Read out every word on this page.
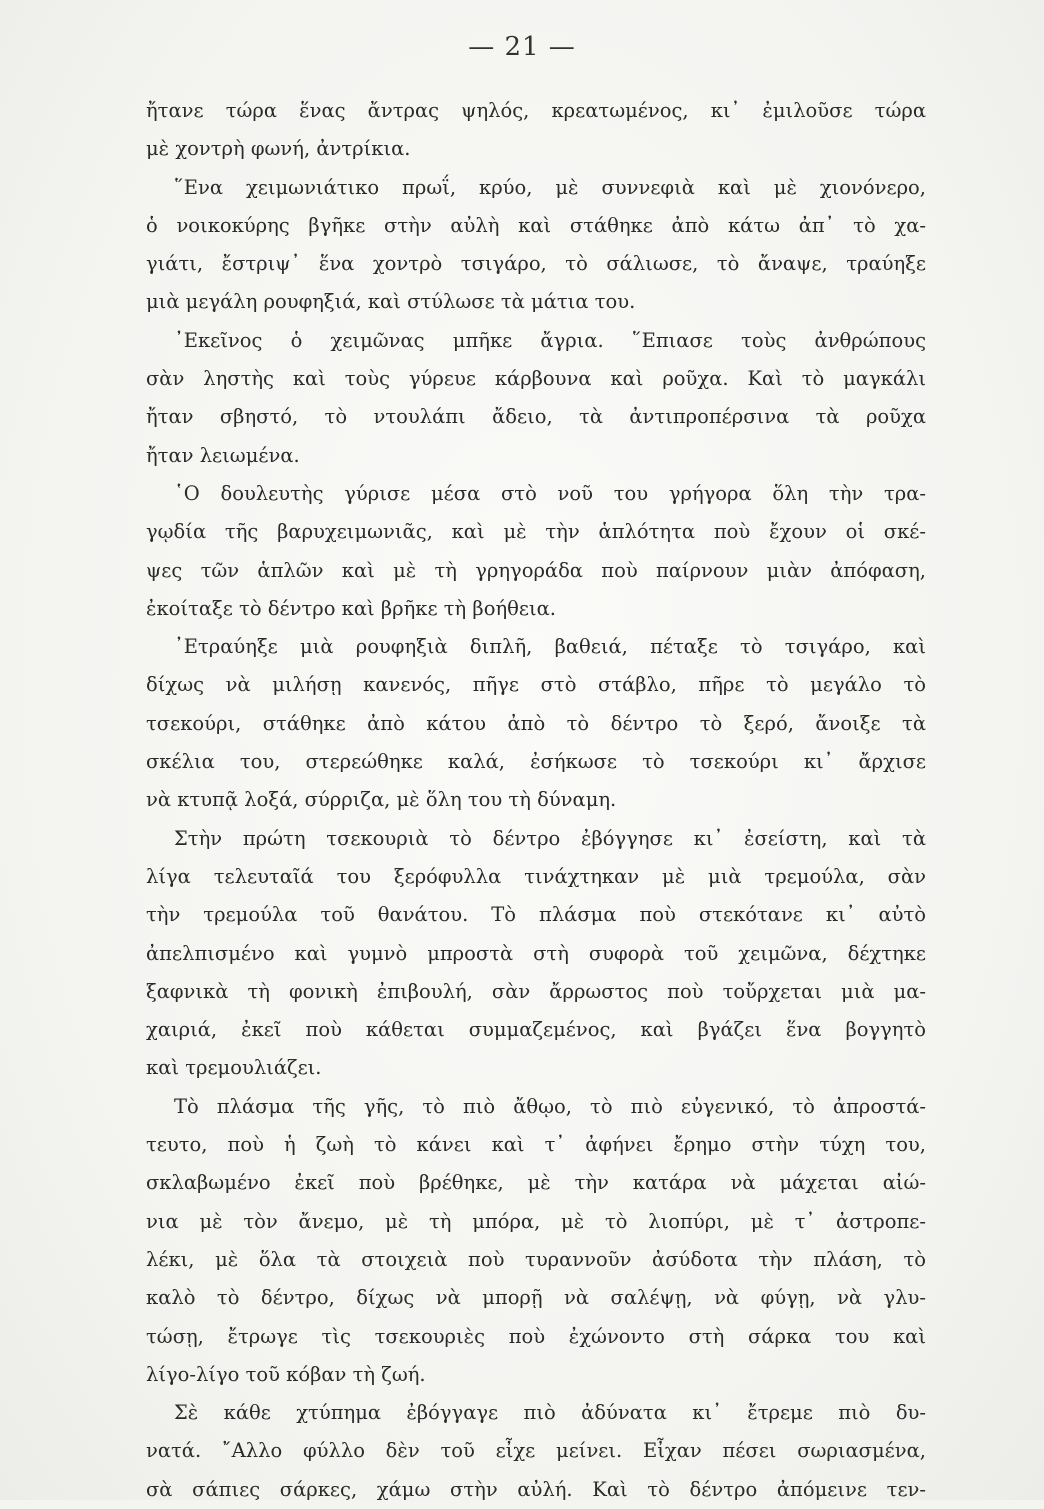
— 21 —
ἤτανε τώρα ἕνας ἄντρας ψηλός, κρεατωμένος, κι᾿ ἐμιλοῦσε τώρα
μὲ χοντρὴ φωνή, ἀντρίκια.
῞Ενα χειμωνιάτικο πρωΐ, κρύο, μὲ συννεφιὰ καὶ μὲ χιονόνερο,
ὁ νοικοκύρης βγῆκε στὴν αὐλὴ καὶ στάθηκε ἀπὸ κάτω ἀπ᾿ τὸ χα-
γιάτι, ἔστριψ᾿ ἕνα χοντρὸ τσιγάρο, τὸ σάλιωσε, τὸ ἄναψε, τραύηξε
μιὰ μεγάλη ρουφηξιά, καὶ στύλωσε τὰ μάτια του.
᾿Εκεῖνος ὁ χειμῶνας μπῆκε ἄγρια. ῞Επιασε τοὺς ἀνθρώπους
σὰν ληστὴς καὶ τοὺς γύρευε κάρβουνα καὶ ροῦχα. Καὶ τὸ μαγκάλι
ἤταν σβηστό, τὸ ντουλάπι ἄδειο, τὰ ἀντιπροπέρσινα τὰ ροῦχα
ἤταν λειωμένα.
῾Ο δουλευτὴς γύρισε μέσα στὸ νοῦ του γρήγορα ὅλη τὴν τρα-
γῳδία τῆς βαρυχειμωνιᾶς, καὶ μὲ τὴν ἁπλότητα ποὺ ἔχουν οἱ σκέ-
ψες τῶν ἁπλῶν καὶ μὲ τὴ γρηγοράδα ποὺ παίρνουν μιὰν ἀπόφαση,
ἐκοίταξε τὸ δέντρο καὶ βρῆκε τὴ βοήθεια.
᾿Ετραύηξε μιὰ ρουφηξιὰ διπλῆ, βαθειά, πέταξε τὸ τσιγάρο, καὶ
δίχως νὰ μιλήσῃ κανενός, πῆγε στὸ στάβλο, πῆρε τὸ μεγάλο τὸ
τσεκούρι, στάθηκε ἀπὸ κάτου ἀπὸ τὸ δέντρο τὸ ξερό, ἄνοιξε τὰ
σκέλια του, στερεώθηκε καλά, ἐσήκωσε τὸ τσεκούρι κι᾿ ἄρχισε
νὰ κτυπᾷ λοξά, σύρριζα, μὲ ὅλη του τὴ δύναμη.
Στὴν πρώτη τσεκουριὰ τὸ δέντρο ἐβόγγησε κι᾿ ἐσείστη, καὶ τὰ
λίγα τελευταῖά του ξερόφυλλα τινάχτηκαν μὲ μιὰ τρεμούλα, σὰν
τὴν τρεμούλα τοῦ θανάτου. Τὸ πλάσμα ποὺ στεκότανε κι᾿ αὐτὸ
ἀπελπισμένο καὶ γυμνὸ μπροστὰ στὴ συφορὰ τοῦ χειμῶνα, δέχτηκε
ξαφνικὰ τὴ φονικὴ ἐπιβουλή, σὰν ἄρρωστος ποὺ τοὔρχεται μιὰ μα-
χαιριά, ἐκεῖ ποὺ κάθεται συμμαζεμένος, καὶ βγάζει ἕνα βογγητὸ
καὶ τρεμουλιάζει.
Τὸ πλάσμα τῆς γῆς, τὸ πιὸ ἄθῳο, τὸ πιὸ εὐγενικό, τὸ ἀπροστά-
τευτο, ποὺ ἡ ζωὴ τὸ κάνει καὶ τ᾿ ἀφήνει ἔρημο στὴν τύχη του,
σκλαβωμένο ἐκεῖ ποὺ βρέθηκε, μὲ τὴν κατάρα νὰ μάχεται αἰώ-
νια μὲ τὸν ἄνεμο, μὲ τὴ μπόρα, μὲ τὸ λιοπύρι, μὲ τ᾿ ἀστροπε-
λέκι, μὲ ὅλα τὰ στοιχειὰ ποὺ τυραννοῦν ἀσύδοτα τὴν πλάση, τὸ
καλὸ τὸ δέντρο, δίχως νὰ μπορῇ νὰ σαλέψῃ, νὰ φύγῃ, νὰ γλυ-
τώσῃ, ἔτρωγε τὶς τσεκουριὲς ποὺ ἐχώνοντο στὴ σάρκα του καὶ
λίγο-λίγο τοῦ κόβαν τὴ ζωή.
Σὲ κάθε χτύπημα ἐβόγγαγε πιὸ ἀδύνατα κι᾿ ἔτρεμε πιὸ δυ-
νατά. ῎Αλλο φύλλο δὲν τοῦ εἶχε μείνει. Εἶχαν πέσει σωριασμένα,
σὰ σάπιες σάρκες, χάμω στὴν αὐλή. Καὶ τὸ δέντρο ἀπόμεινε τεν-
